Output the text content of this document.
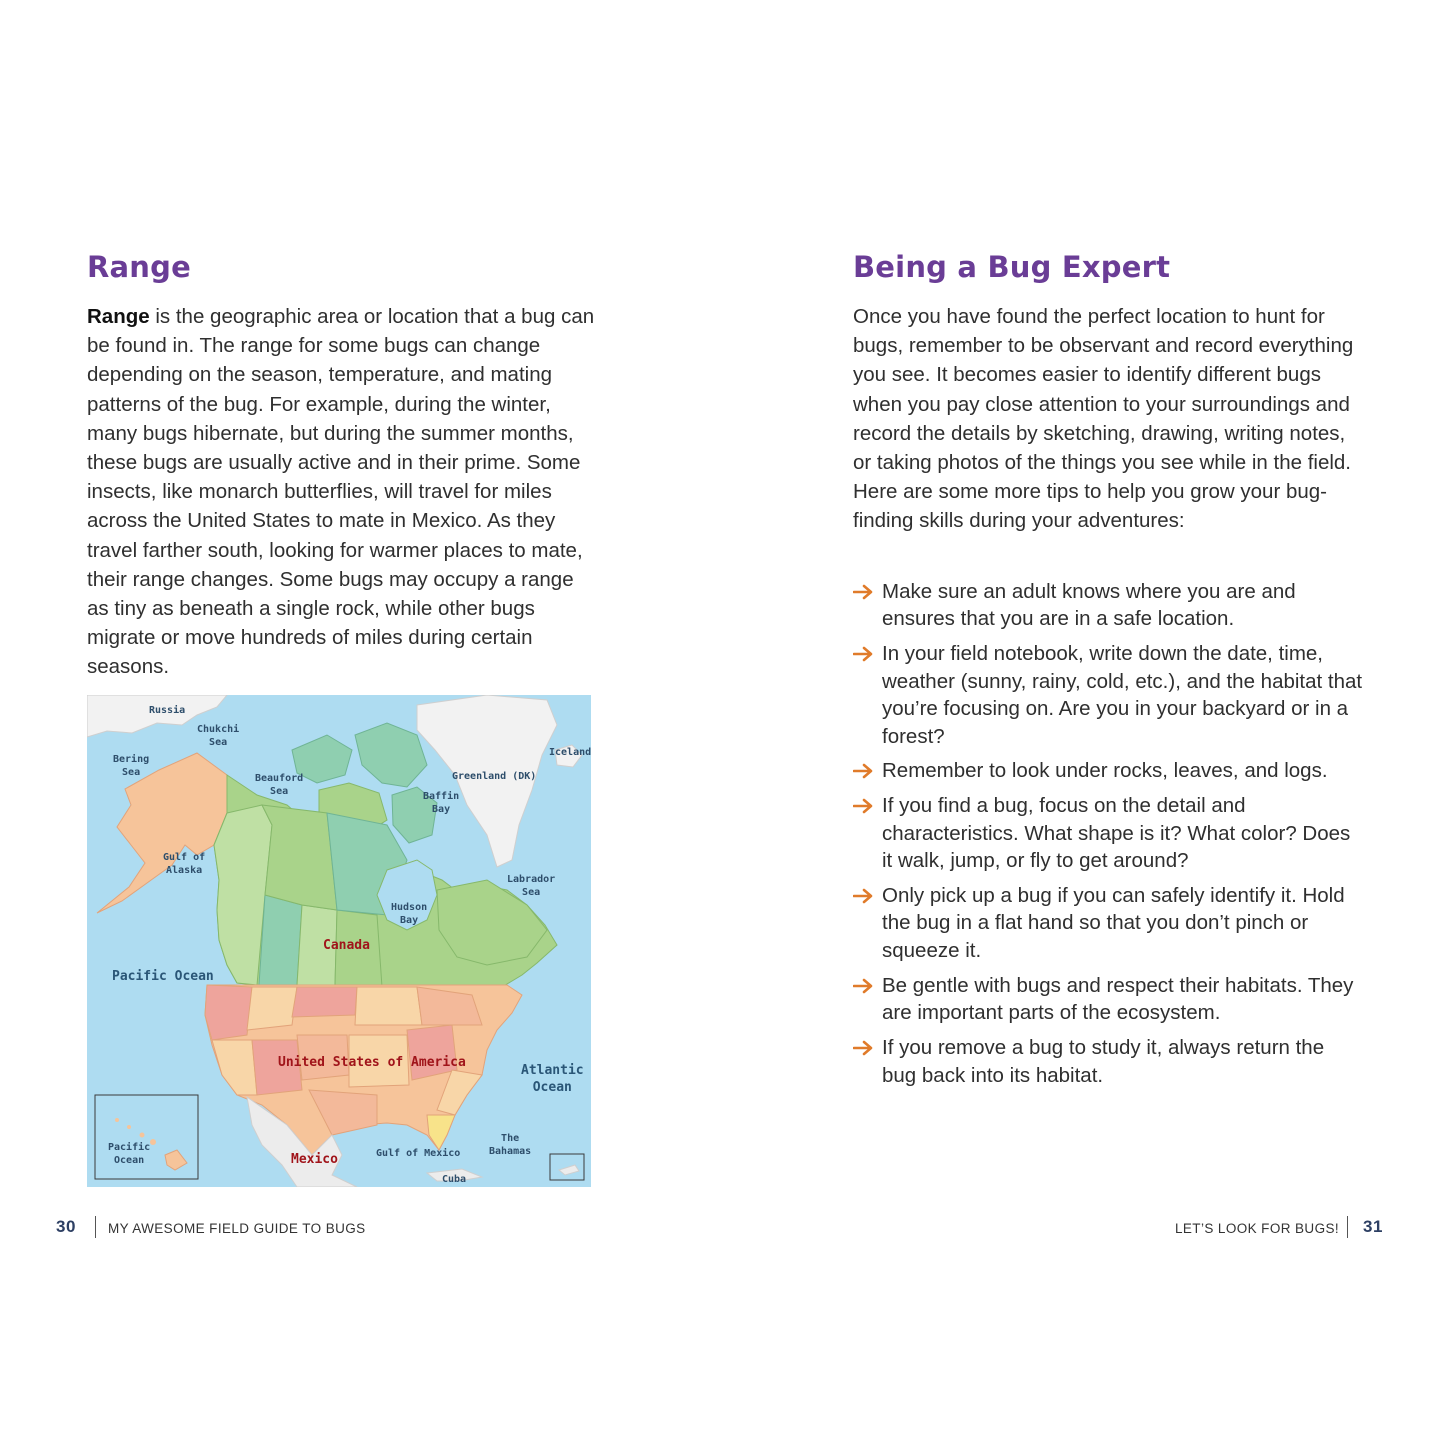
Range

Range is the geographic area or location that a bug can be found in. The range for some bugs can change depending on the season, temperature, and mating patterns of the bug. For example, during the winter, many bugs hibernate, but during the summer months, these bugs are usually active and in their prime. Some insects, like monarch butterflies, will travel for miles across the United States to mate in Mexico. As they travel farther south, looking for warmer places to mate, their range changes. Some bugs may occupy a range as tiny as beneath a single rock, while other bugs migrate or move hundreds of miles during certain seasons.

Russia
Chukchi
Sea
Bering
Sea
Beauford
Sea
Iceland
Greenland (DK)
Baffin
Bay
Gulf of
Alaska
Labrador
Sea
Hudson
Bay
Canada
Pacific Ocean
United States of America
Atlantic
Ocean
The
Bahamas
Pacific
Ocean	Mexico	Gulf of Mexico
Cuba
30 MY AWESOME FIELD GUIDE TO BUGS
Being a Bug Expert

Once you have found the perfect location to hunt for bugs, remember to be observant and record everything you see. It becomes easier to identify different bugs when you pay close attention to your surroundings and record the details by sketching, drawing, writing notes, or taking photos of the things you see while in the field. Here are some more tips to help you grow your bug-finding skills during your adventures:

Make sure an adult knows where you are and ensures that you are in a safe location.
In your field notebook, write down the date, time, weather (sunny, rainy, cold, etc.), and the habitat that you’re focusing on. Are you in your backyard or in a forest?
Remember to look under rocks, leaves, and logs.
If you find a bug, focus on the detail and characteristics. What shape is it? What color? Does it walk, jump, or fly to get around?
Only pick up a bug if you can safely identify it. Hold the bug in a flat hand so that you don’t pinch or squeeze it.
Be gentle with bugs and respect their habitats. They are important parts of the ecosystem.
If you remove a bug to study it, always return the bug back into its habitat.
LET’S LOOK FOR BUGS! 31
